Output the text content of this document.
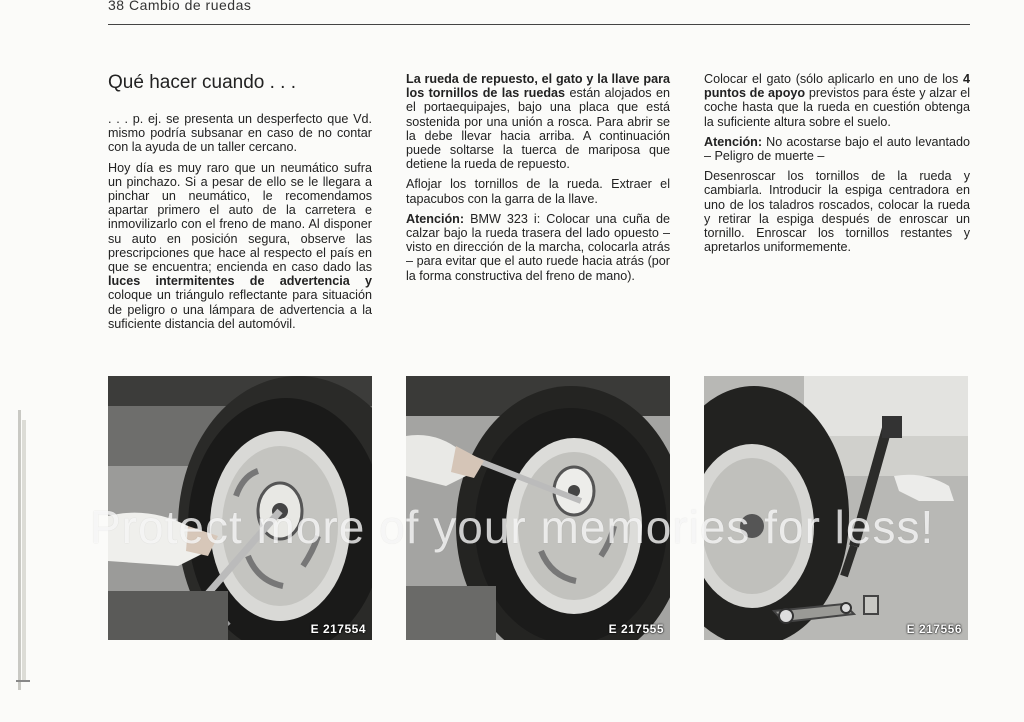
38 Cambio de ruedas
Qué hacer cuando . . .

. . . p. ej. se presenta un desperfecto que Vd. mismo podría subsanar en caso de no contar con la ayuda de un taller cercano.

Hoy día es muy raro que un neumático sufra un pinchazo. Si a pesar de ello se le llegara a pinchar un neumático, le recomendamos apartar primero el auto de la carretera e inmovilizarlo con el freno de mano. Al disponer su auto en posición segura, observe las prescripciones que hace al respecto el país en que se encuentra; encienda en caso dado las luces intermitentes de advertencia y coloque un triángulo reflectante para situación de peligro o una lámpara de advertencia a la suficiente distancia del automóvil.

La rueda de repuesto, el gato y la llave para los tornillos de las ruedas están alojados en el portaequipajes, bajo una placa que está sostenida por una unión a rosca. Para abrir se la debe llevar hacia arriba. A continuación puede soltarse la tuerca de mariposa que detiene la rueda de repuesto.

Aflojar los tornillos de la rueda. Extraer el tapacubos con la garra de la llave.

Atención: BMW 323 i: Colocar una cuña de calzar bajo la rueda trasera del lado opuesto – visto en dirección de la marcha, colocarla atrás – para evitar que el auto ruede hacia atrás (por la forma constructiva del freno de mano).

Colocar el gato (sólo aplicarlo en uno de los 4 puntos de apoyo previstos para éste y alzar el coche hasta que la rueda en cuestión obtenga la suficiente altura sobre el suelo.

Atención: No acostarse bajo el auto levantado – Peligro de muerte –

Desenroscar los tornillos de la rueda y cambiarla. Introducir la espiga centradora en uno de los taladros roscados, colocar la rueda y retirar la espiga después de enroscar un tornillo. Enroscar los tornillos restantes y apretarlos uniformemente.

E 217554	E 217555	E 217556
Protect more of your memories for less!
